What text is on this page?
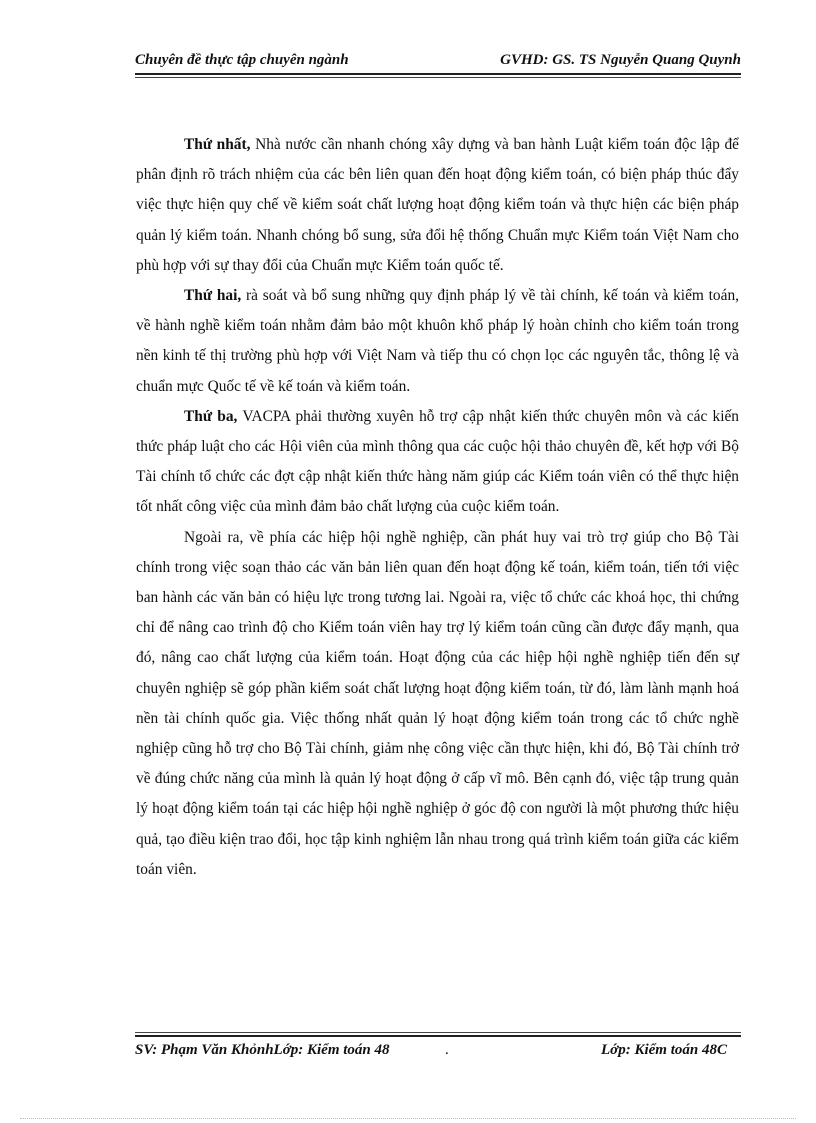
Chuyên đề thực tập chuyên ngành	GVHD: GS. TS Nguyễn Quang Quynh

Thứ nhất, Nhà nước cần nhanh chóng xây dựng và ban hành Luật kiểm toán độc lập để phân định rõ trách nhiệm của các bên liên quan đến hoạt động kiểm toán, có biện pháp thúc đẩy việc thực hiện quy chế về kiểm soát chất lượng hoạt động kiểm toán và thực hiện các biện pháp quản lý kiểm toán. Nhanh chóng bổ sung, sửa đổi hệ thống Chuẩn mực Kiểm toán Việt Nam cho phù hợp với sự thay đổi của Chuẩn mực Kiểm toán quốc tế.

Thứ hai, rà soát và bổ sung những quy định pháp lý về tài chính, kế toán và kiểm toán, về hành nghề kiểm toán nhằm đảm bảo một khuôn khổ pháp lý hoàn chỉnh cho kiểm toán trong nền kinh tế thị trường phù hợp với Việt Nam và tiếp thu có chọn lọc các nguyên tắc, thông lệ và chuẩn mực Quốc tế về kế toán và kiểm toán.

Thứ ba, VACPA phải thường xuyên hỗ trợ cập nhật kiến thức chuyên môn và các kiến thức pháp luật cho các Hội viên của mình thông qua các cuộc hội thảo chuyên đề, kết hợp với Bộ Tài chính tổ chức các đợt cập nhật kiến thức hàng năm giúp các Kiểm toán viên có thể thực hiện tốt nhất công việc của mình đảm bảo chất lượng của cuộc kiểm toán.

Ngoài ra, về phía các hiệp hội nghề nghiệp, cần phát huy vai trò trợ giúp cho Bộ Tài chính trong việc soạn thảo các văn bản liên quan đến hoạt động kế toán, kiểm toán, tiến tới việc ban hành các văn bản có hiệu lực trong tương lai. Ngoài ra, việc tổ chức các khoá học, thi chứng chỉ để nâng cao trình độ cho Kiểm toán viên hay trợ lý kiểm toán cũng cần được đẩy mạnh, qua đó, nâng cao chất lượng của kiểm toán. Hoạt động của các hiệp hội nghề nghiệp tiến đến sự chuyên nghiệp sẽ góp phần kiểm soát chất lượng hoạt động kiểm toán, từ đó, làm lành mạnh hoá nền tài chính quốc gia. Việc thống nhất quản lý hoạt động kiểm toán trong các tổ chức nghề nghiệp cũng hỗ trợ cho Bộ Tài chính, giảm nhẹ công việc cần thực hiện, khi đó, Bộ Tài chính trở về đúng chức năng của mình là quản lý hoạt động ở cấp vĩ mô. Bên cạnh đó, việc tập trung quản lý hoạt động kiểm toán tại các hiệp hội nghề nghiệp ở góc độ con người là một phương thức hiệu quả, tạo điều kiện trao đổi, học tập kinh nghiệm lẫn nhau trong quá trình kiểm toán giữa các kiểm toán viên.

SV: Phạm Văn KhỏnhLớp: Kiểm toán 48	.	Lớp: Kiểm toán 48C
